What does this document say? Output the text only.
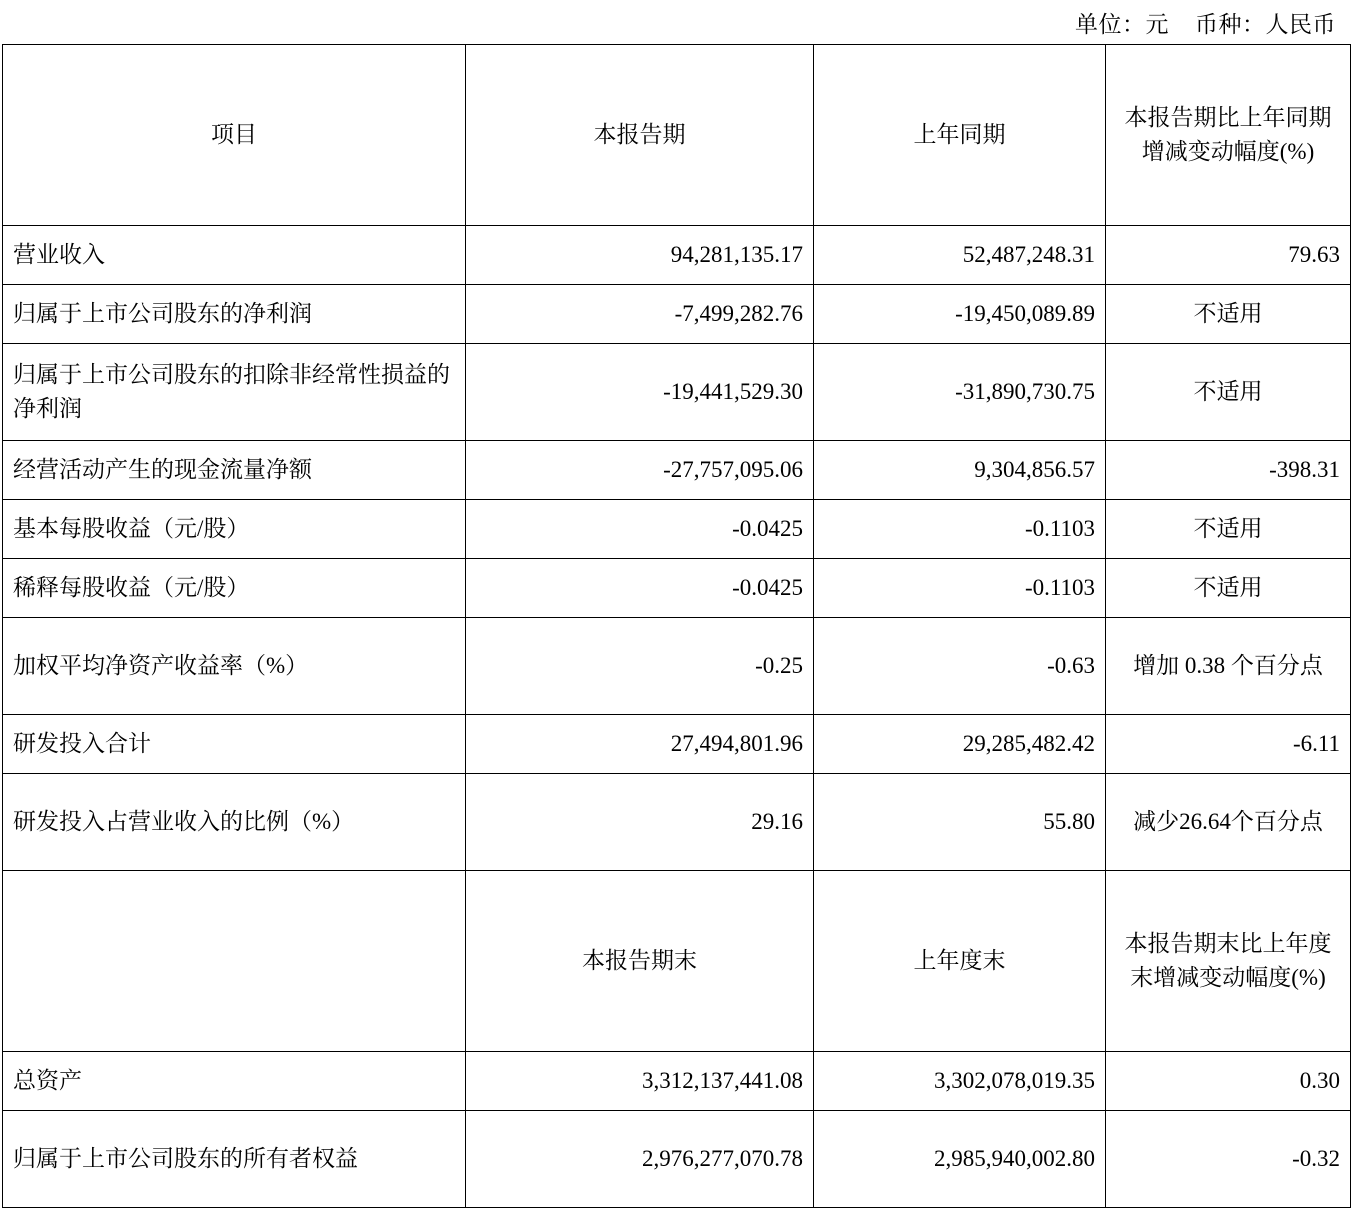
单位：元 币种：人民币
项目	本报告期	上年同期	本报告期比上年同期增减变动幅度(%)
营业收入	94,281,135.17	52,487,248.31	79.63
归属于上市公司股东的净利润	-7,499,282.76	-19,450,089.89	不适用
归属于上市公司股东的扣除非经常性损益的净利润	-19,441,529.30	-31,890,730.75	不适用
经营活动产生的现金流量净额	-27,757,095.06	9,304,856.57	-398.31
基本每股收益（元/股）	-0.0425	-0.1103	不适用
稀释每股收益（元/股）	-0.0425	-0.1103	不适用
加权平均净资产收益率（%）	-0.25	-0.63	增加 0.38 个百分点
研发投入合计	27,494,801.96	29,285,482.42	-6.11
研发投入占营业收入的比例（%）	29.16	55.80	减少26.64个百分点
	本报告期末	上年度末	本报告期末比上年度末增减变动幅度(%)
总资产	3,312,137,441.08	3,302,078,019.35	0.30
归属于上市公司股东的所有者权益	2,976,277,070.78	2,985,940,002.80	-0.32
